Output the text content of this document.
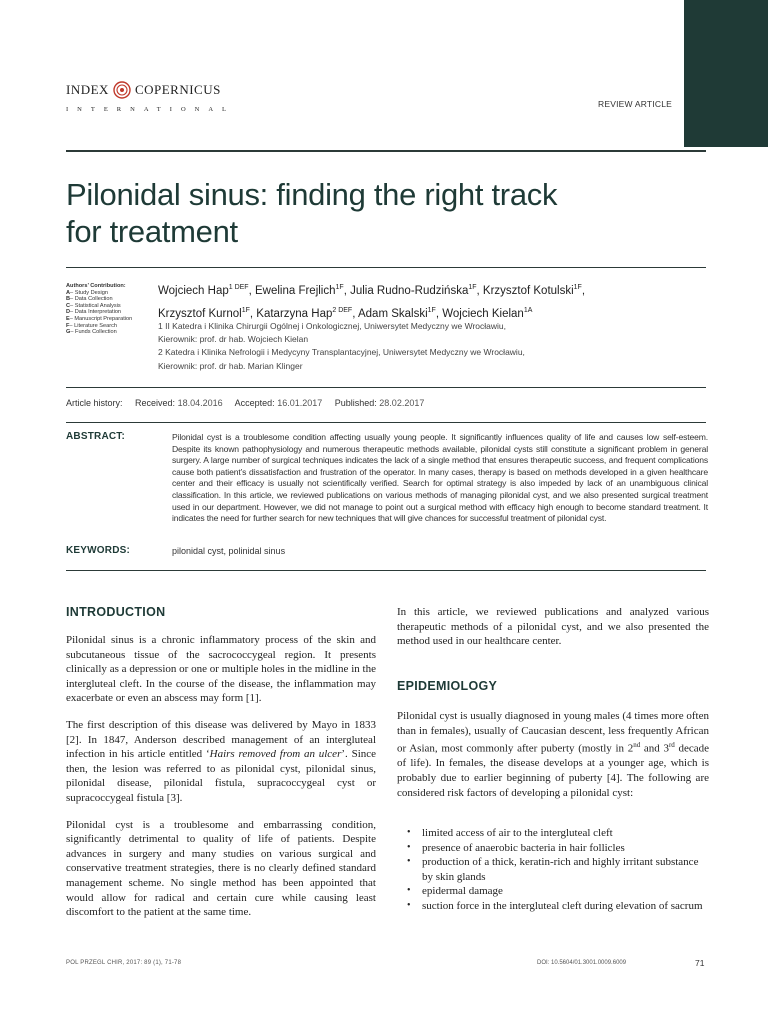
INDEX COPERNICUS
INTERNATIONAL
REVIEW ARTICLE
Pilonidal sinus: finding the right track
for treatment
Authors’ Contribution:
A– Study Design
B– Data Collection
C– Statistical Analysis
D– Data Interpretation
E– Manuscript Preparation
F– Literature Search
G– Funds Collection
Wojciech Hap$^{1 DEF}$, Ewelina Frejlich$^{1F}$, Julia Rudno-Rudzińska$^{1F}$, Krzysztof Kotulski$^{1F}$,
Krzysztof Kurnol$^{1F}$, Katarzyna Hap$^{2 DEF}$, Adam Skalski$^{1F}$, Wojciech Kielan$^{1A}$
1 II Katedra i Klinika Chirurgii Ogólnej i Onkologicznej, Uniwersytet Medyczny we Wrocławiu,
Kierownik: prof. dr hab. Wojciech Kielan
2 Katedra i Klinika Nefrologii i Medycyny Transplantacyjnej, Uniwersytet Medyczny we Wrocławiu,
Kierownik: prof. dr hab. Marian Klinger
Article history: Received: 18.04.2016 Accepted: 16.01.2017 Published: 28.02.2017
ABSTRACT:	Pilonidal cyst is a troublesome condition affecting usually young people. It significantly influences quality of life and causes low self-esteem. Despite its known pathophysiology and numerous therapeutic methods available, pilonidal cysts still constitute a significant problem in general surgery. A large number of surgical techniques indicates the lack of a single method that ensures therapeutic success, and frequent complications cause both patient’s dissatisfaction and frustration of the operator. In many cases, therapy is based on methods developed in a given healthcare center and their efficacy is usually not scientifically verified. Search for optimal strategy is also impeded by lack of an unambiguous clinical classification. In this article, we reviewed publications on various methods of managing pilonidal cyst, and we also presented surgical treatment used in our department. However, we did not manage to point out a surgical method with efficacy high enough to become standard treatment. It indicates the need for further search for new techniques that will give chances for successful treatment of pilonidal cyst.
KEYWORDS:	pilonidal cyst, polinidal sinus
INTRODUCTION

Pilonidal sinus is a chronic inflammatory process of the skin and subcutaneous tissue of the sacrococcygeal region. It presents clinically as a depression or one or multiple holes in the midline in the intergluteal cleft. In the course of the disease, the inflammation may exacerbate or even an abscess may form [1].

The first description of this disease was delivered by Mayo in 1833 [2]. In 1847, Anderson described management of an intergluteal infection in his article entitled ‘Hairs removed from an ulcer’. Since then, the lesion was referred to as pilonidal cyst, pilonidal sinus, pilonidal disease, pilonidal fistula, supracoccygeal cyst or supracoccygeal fistula [3].

Pilonidal cyst is a troublesome and embarrassing condition, significantly detrimental to quality of life of patients. Despite advances in surgery and many studies on various surgical and conservative treatment strategies, there is no clearly defined standard management scheme. No single method has been appointed that would allow for radical and certain cure while causing least discomfort to the patient at the same time.

In this article, we reviewed publications and analyzed various therapeutic methods of a pilonidal cyst, and we also presented the method used in our healthcare center.

EPIDEMIOLOGY

Pilonidal cyst is usually diagnosed in young males (4 times more often than in females), usually of Caucasian descent, less frequently African or Asian, most commonly after puberty (mostly in 2nd and 3rd decade of life). In females, the disease develops at a younger age, which is probably due to earlier beginning of puberty [4]. The following are considered risk factors of developing a pilonidal cyst:

• limited access of air to the intergluteal cleft
• presence of anaerobic bacteria in hair follicles
• production of a thick, keratin-rich and highly irritant substance by skin glands
• epidermal damage
• suction force in the intergluteal cleft during elevation of sacrum
POL PRZEGL CHIR, 2017: 89 (1), 71-78	DOI: 10.5604/01.3001.0009.6009	71
